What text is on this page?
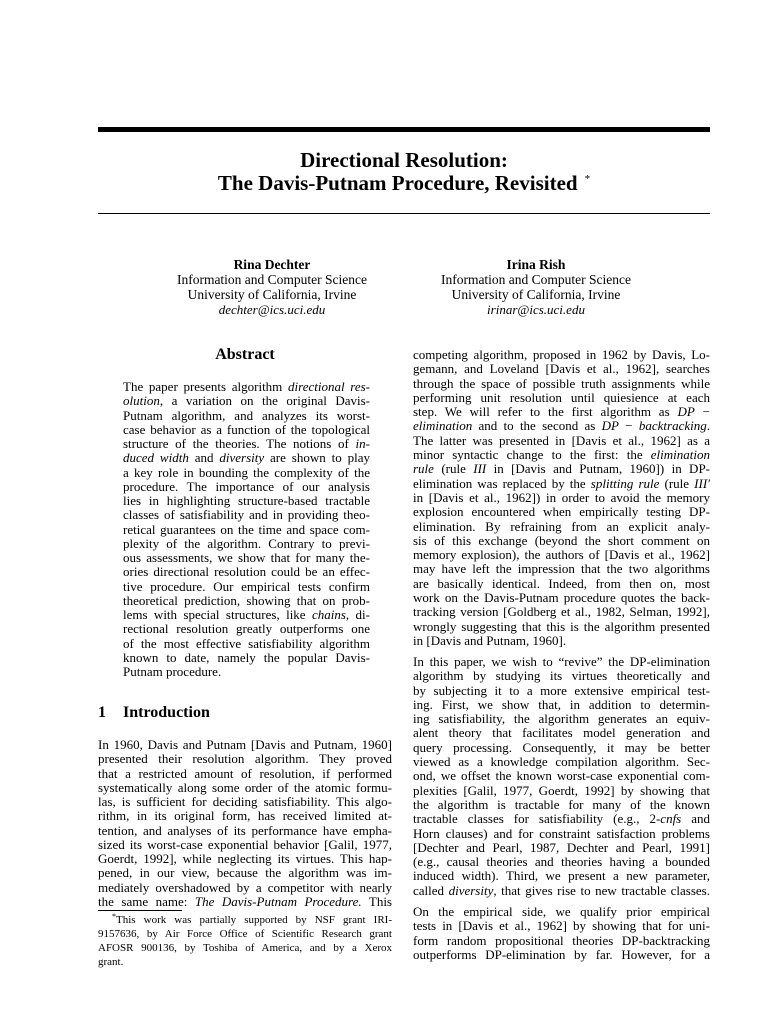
Directional Resolution:
The Davis-Putnam Procedure, Revisited *
Rina Dechter
Information and Computer Science
University of California, Irvine
dechter@ics.uci.edu
Irina Rish
Information and Computer Science
University of California, Irvine
irinar@ics.uci.edu
Abstract
The paper presents algorithm directional res-
olution, a variation on the original Davis-
Putnam algorithm, and analyzes its worst-
case behavior as a function of the topological
structure of the theories. The notions of in-
duced width and diversity are shown to play
a key role in bounding the complexity of the
procedure. The importance of our analysis
lies in highlighting structure-based tractable
classes of satisfiability and in providing theo-
retical guarantees on the time and space com-
plexity of the algorithm. Contrary to previ-
ous assessments, we show that for many the-
ories directional resolution could be an effec-
tive procedure. Our empirical tests confirm
theoretical prediction, showing that on prob-
lems with special structures, like chains, di-
rectional resolution greatly outperforms one
of the most effective satisfiability algorithm
known to date, namely the popular Davis-
Putnam procedure.
1 Introduction
In 1960, Davis and Putnam [Davis and Putnam, 1960]
presented their resolution algorithm. They proved
that a restricted amount of resolution, if performed
systematically along some order of the atomic formu-
las, is sufficient for deciding satisfiability. This algo-
rithm, in its original form, has received limited at-
tention, and analyses of its performance have empha-
sized its worst-case exponential behavior [Galil, 1977,
Goerdt, 1992], while neglecting its virtues. This hap-
pened, in our view, because the algorithm was im-
mediately overshadowed by a competitor with nearly
the same name: The Davis-Putnam Procedure. This
*This work was partially supported by NSF grant IRI-
9157636, by Air Force Office of Scientific Research grant
AFOSR 900136, by Toshiba of America, and by a Xerox
grant.
competing algorithm, proposed in 1962 by Davis, Lo-
gemann, and Loveland [Davis et al., 1962], searches
through the space of possible truth assignments while
performing unit resolution until quiesience at each
step. We will refer to the first algorithm as DP −
elimination and to the second as DP − backtracking.
The latter was presented in [Davis et al., 1962] as a
minor syntactic change to the first: the elimination
rule (rule III in [Davis and Putnam, 1960]) in DP-
elimination was replaced by the splitting rule (rule III′
in [Davis et al., 1962]) in order to avoid the memory
explosion encountered when empirically testing DP-
elimination. By refraining from an explicit analy-
sis of this exchange (beyond the short comment on
memory explosion), the authors of [Davis et al., 1962]
may have left the impression that the two algorithms
are basically identical. Indeed, from then on, most
work on the Davis-Putnam procedure quotes the back-
tracking version [Goldberg et al., 1982, Selman, 1992],
wrongly suggesting that this is the algorithm presented
in [Davis and Putnam, 1960].
In this paper, we wish to “revive” the DP-elimination
algorithm by studying its virtues theoretically and
by subjecting it to a more extensive empirical test-
ing. First, we show that, in addition to determin-
ing satisfiability, the algorithm generates an equiv-
alent theory that facilitates model generation and
query processing. Consequently, it may be better
viewed as a knowledge compilation algorithm. Sec-
ond, we offset the known worst-case exponential com-
plexities [Galil, 1977, Goerdt, 1992] by showing that
the algorithm is tractable for many of the known
tractable classes for satisfiability (e.g., 2-cnfs and
Horn clauses) and for constraint satisfaction problems
[Dechter and Pearl, 1987, Dechter and Pearl, 1991]
(e.g., causal theories and theories having a bounded
induced width). Third, we present a new parameter,
called diversity, that gives rise to new tractable classes.
On the empirical side, we qualify prior empirical
tests in [Davis et al., 1962] by showing that for uni-
form random propositional theories DP-backtracking
outperforms DP-elimination by far. However, for a
